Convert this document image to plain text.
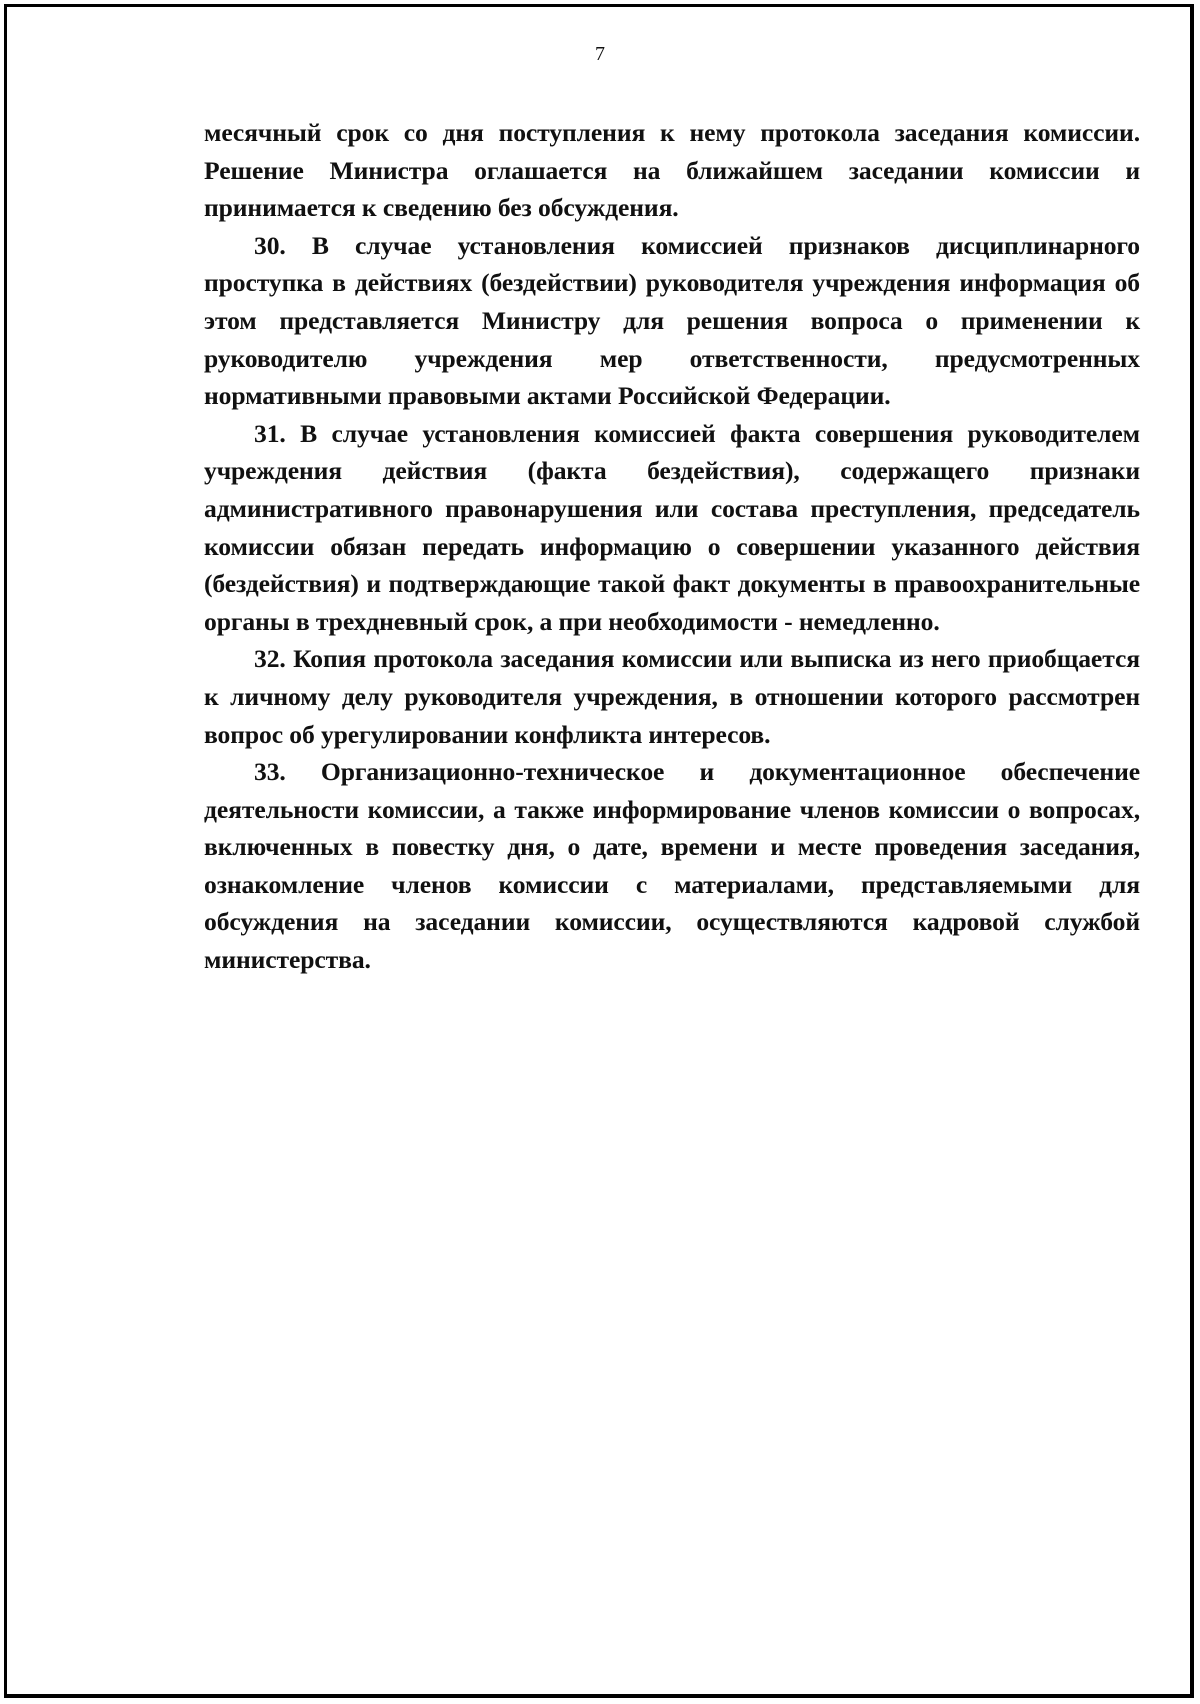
7

месячный срок со дня поступления к нему протокола заседания комиссии. Решение Министра оглашается на ближайшем заседании комиссии и принимается к сведению без обсуждения.

30. В случае установления комиссией признаков дисциплинарного проступка в действиях (бездействии) руководителя учреждения информация об этом представляется Министру для решения вопроса о применении к руководителю учреждения мер ответственности, предусмотренных нормативными правовыми актами Российской Федерации.

31. В случае установления комиссией факта совершения руководителем учреждения действия (факта бездействия), содержащего признаки административного правонарушения или состава преступления, председатель комиссии обязан передать информацию о совершении указанного действия (бездействия) и подтверждающие такой факт документы в правоохранительные органы в трехдневный срок, а при необходимости - немедленно.

32. Копия протокола заседания комиссии или выписка из него приобщается к личному делу руководителя учреждения, в отношении которого рассмотрен вопрос об урегулировании конфликта интересов.

33. Организационно-техническое и документационное обеспечение деятельности комиссии, а также информирование членов комиссии о вопросах, включенных в повестку дня, о дате, времени и месте проведения заседания, ознакомление членов комиссии с материалами, представляемыми для обсуждения на заседании комиссии, осуществляются кадровой службой министерства.
